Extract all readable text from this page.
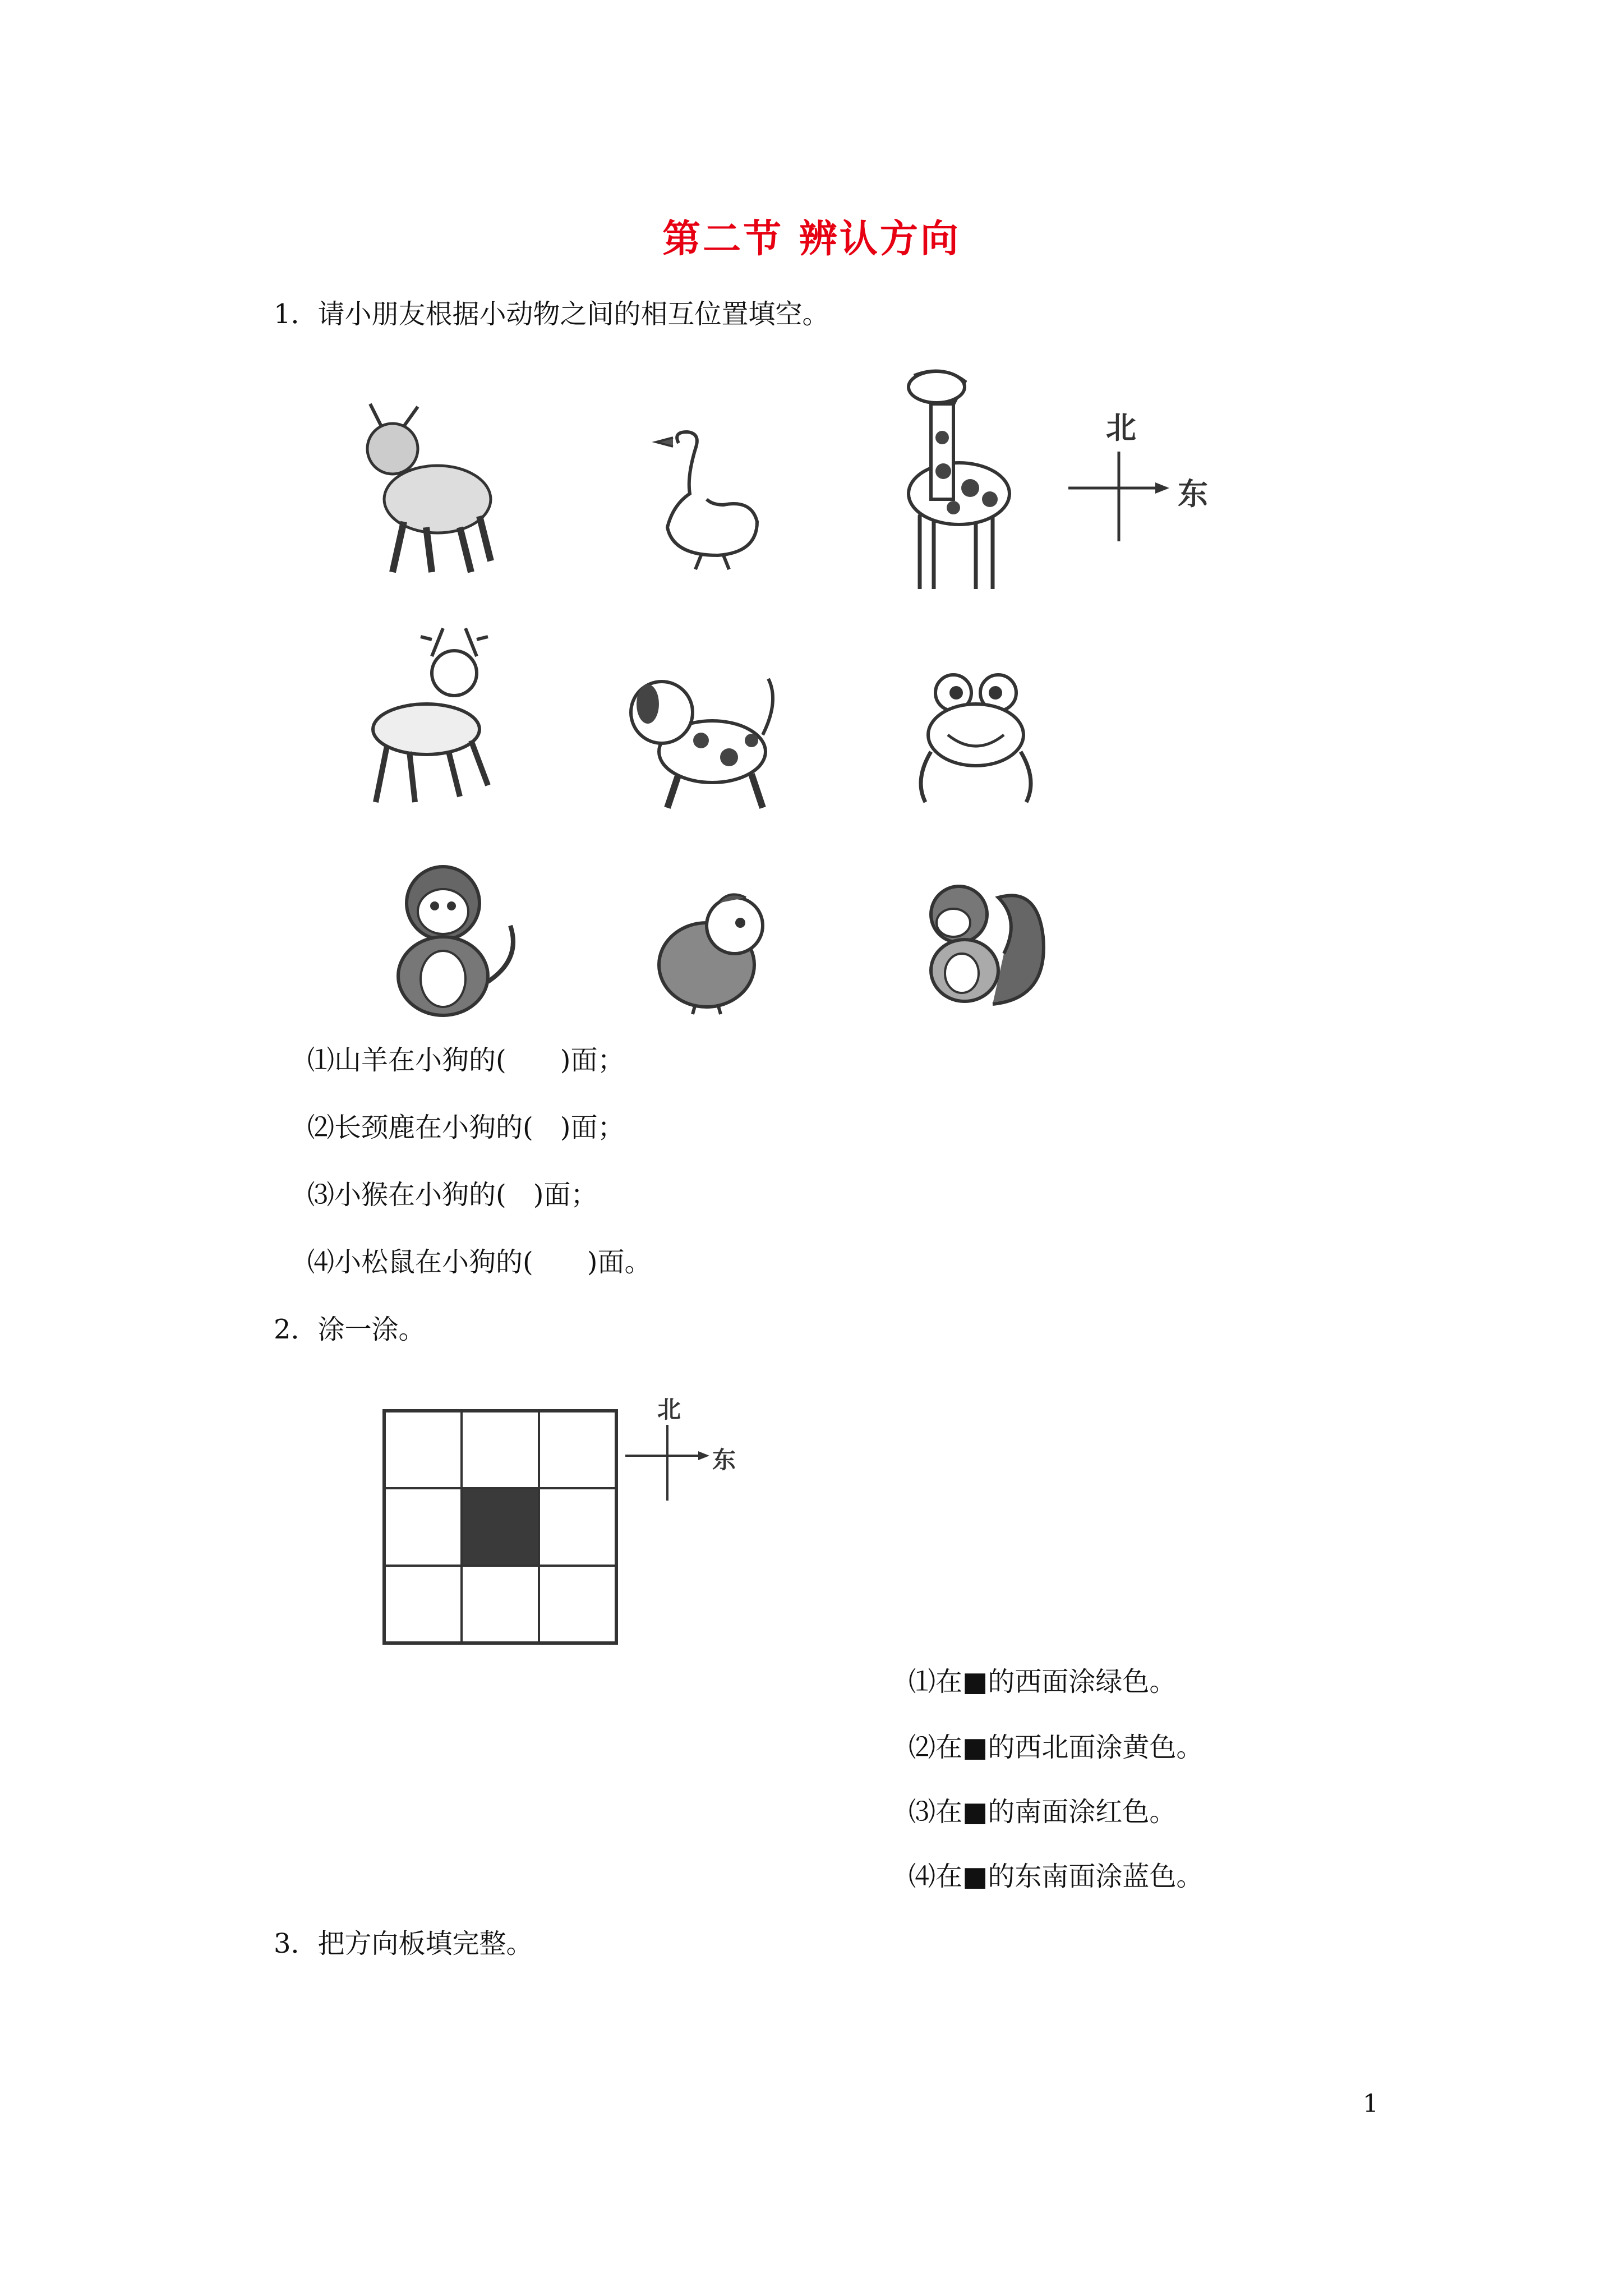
第二节 辨认方向
1．请小朋友根据小动物之间的相互位置填空。
北
东
⑴山羊在小狗的(　　)面；
⑵长颈鹿在小狗的(　)面；
⑶小猴在小狗的(　)面；
⑷小松鼠在小狗的(　　)面。
2．涂一涂。
北
东
⑴在■的西面涂绿色。
⑵在■的西北面涂黄色。
⑶在■的南面涂红色。
⑷在■的东南面涂蓝色。
3．把方向板填完整。
1
